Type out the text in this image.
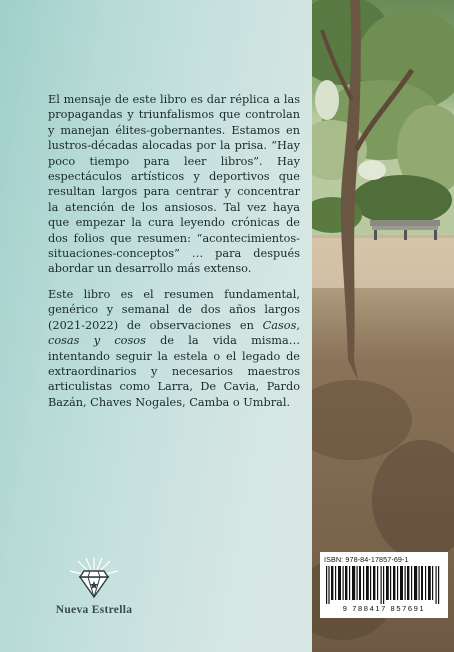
El mensaje de este libro es dar réplica a las propagandas y triunfalismos que controlan y manejan élites-gobernantes. Estamos en lustros-décadas alocadas por la prisa. “Hay poco tiempo para leer libros”. Hay espectáculos artísticos y deportivos que resultan largos para centrar y concentrar la atención de los ansiosos. Tal vez haya que empezar la cura leyendo crónicas de dos folios que resumen: “acontecimientos-situaciones-conceptos” … para después abordar un desarrollo más extenso.

Este libro es el resumen fundamental, genérico y semanal de dos años largos (2021-2022) de observaciones en Casos, cosas y cosos de la vida misma… intentando seguir la estela o el legado de extraordinarios y necesarios maestros articulistas como Larra, De Cavia, Pardo Bazán, Chaves Nogales, Camba o Umbral.

Nueva Estrella
ISBN: 978-84-17857-69-1
9 788417 857691
